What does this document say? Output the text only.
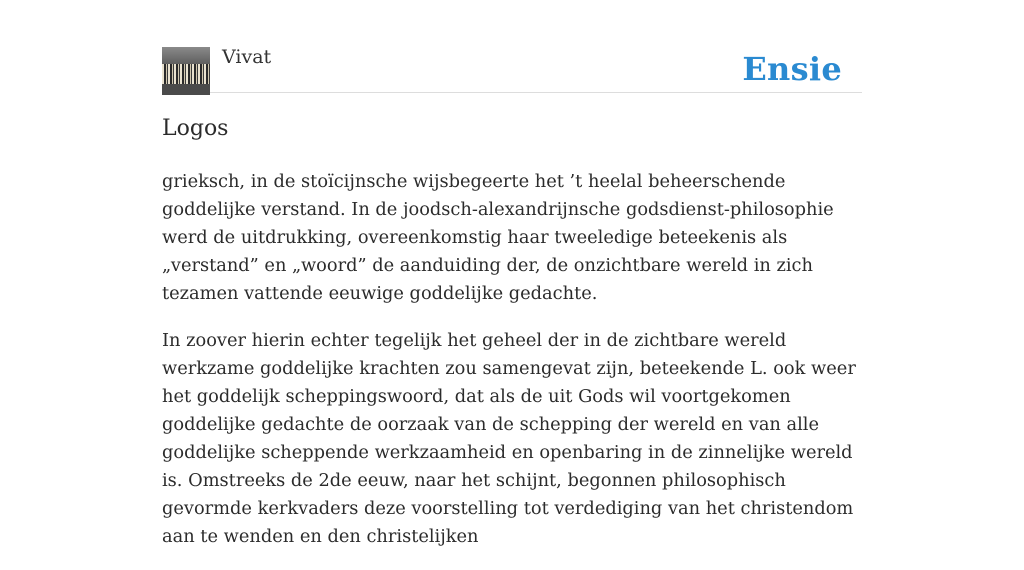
Vivat	Ensie
Logos

grieksch, in de stoïcijnsche wijsbegeerte het ’t heelal beheerschende goddelijke verstand. In de joodsch-alexandrijnsche godsdienst-philosophie werd de uitdrukking, overeenkomstig haar tweeledige beteekenis als „verstand” en „woord” de aanduiding der, de onzichtbare wereld in zich tezamen vattende eeuwige goddelijke gedachte.

In zoover hierin echter tegelijk het geheel der in de zichtbare wereld werkzame goddelijke krachten zou samengevat zijn, beteekende L. ook weer het goddelijk scheppingswoord, dat als de uit Gods wil voortgekomen goddelijke gedachte de oorzaak van de schepping der wereld en van alle goddelijke scheppende werkzaamheid en openbaring in de zinnelijke wereld is. Omstreeks de 2de eeuw, naar het schijnt, begonnen philosophisch gevormde kerkvaders deze voorstelling tot verdediging van het christendom aan te wenden en den christelijken
